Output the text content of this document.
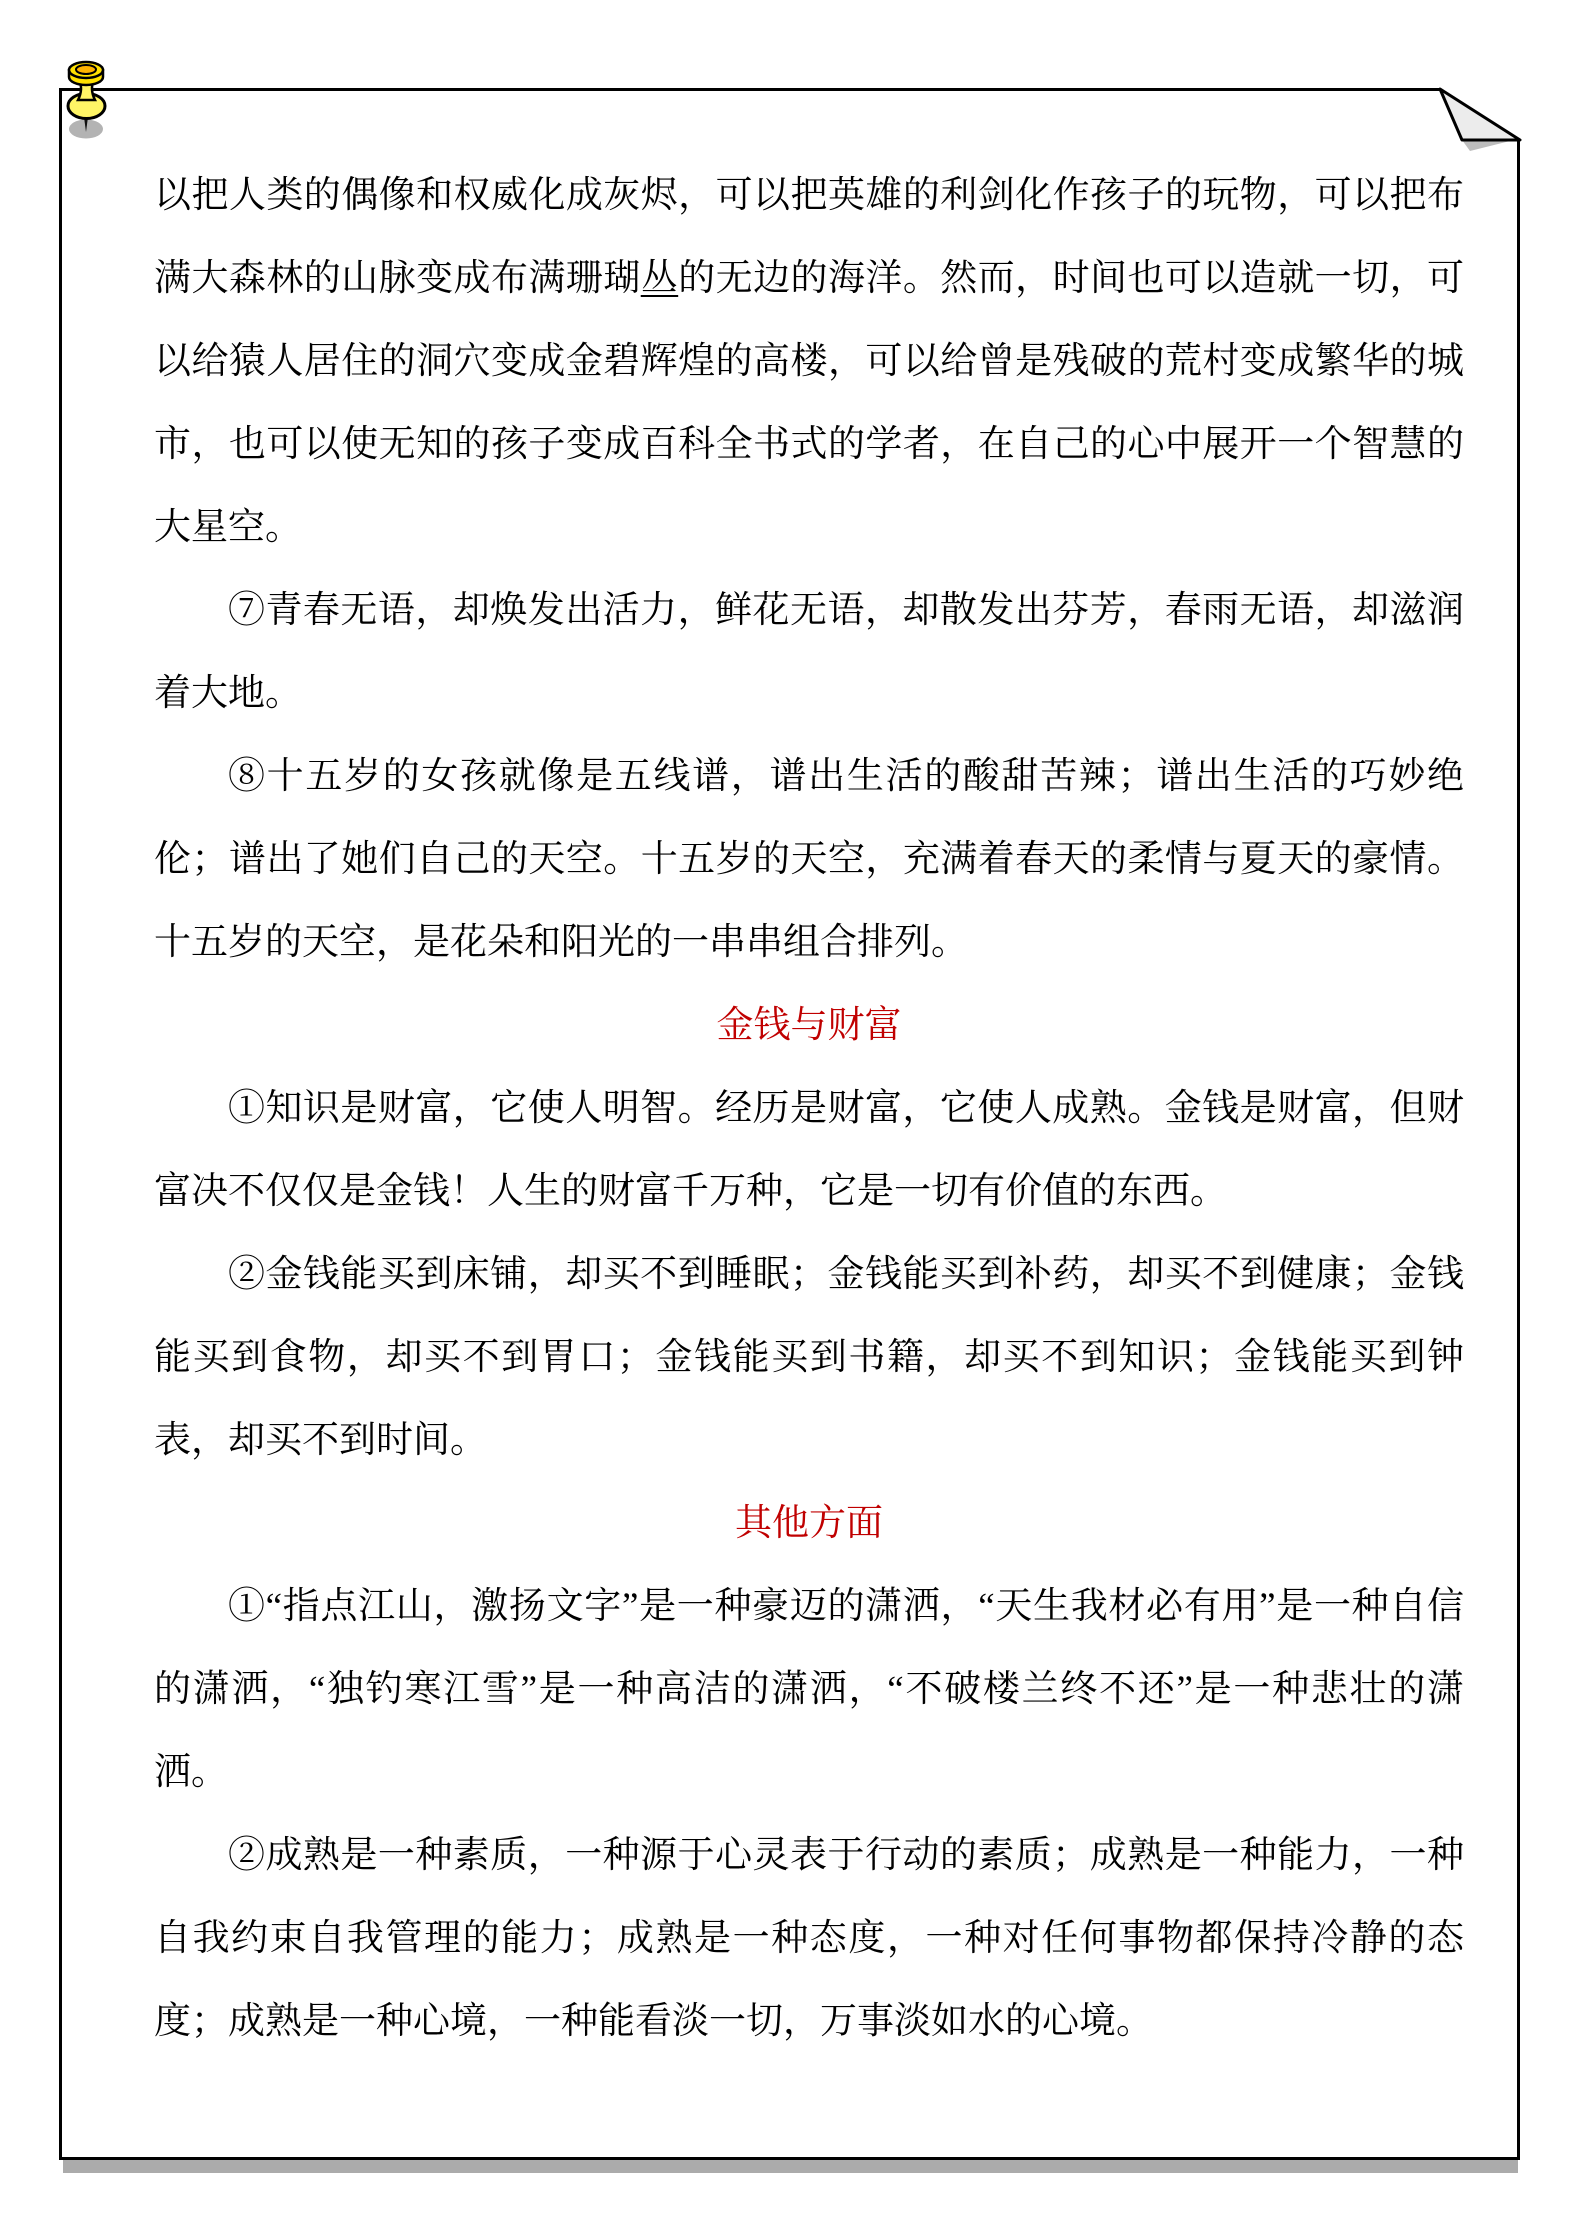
以把人类的偶像和权威化成灰烬，可以把英雄的利剑化作孩子的玩物，可以把布满大森林的山脉变成布满珊瑚丛的无边的海洋。然而，时间也可以造就一切，可以给猿人居住的洞穴变成金碧辉煌的高楼，可以给曾是残破的荒村变成繁华的城市，也可以使无知的孩子变成百科全书式的学者，在自己的心中展开一个智慧的大星空。

⑦青春无语，却焕发出活力，鲜花无语，却散发出芬芳，春雨无语，却滋润着大地。

⑧十五岁的女孩就像是五线谱，谱出生活的酸甜苦辣；谱出生活的巧妙绝伦；谱出了她们自己的天空。十五岁的天空，充满着春天的柔情与夏天的豪情。十五岁的天空，是花朵和阳光的一串串组合排列。

金钱与财富

①知识是财富，它使人明智。经历是财富，它使人成熟。金钱是财富，但财富决不仅仅是金钱！人生的财富千万种，它是一切有价值的东西。

②金钱能买到床铺，却买不到睡眠；金钱能买到补药，却买不到健康；金钱能买到食物，却买不到胃口；金钱能买到书籍，却买不到知识；金钱能买到钟表，却买不到时间。

其他方面

①“指点江山，激扬文字”是一种豪迈的潇洒，“天生我材必有用”是一种自信的潇洒，“独钓寒江雪”是一种高洁的潇洒，“不破楼兰终不还”是一种悲壮的潇洒。

②成熟是一种素质，一种源于心灵表于行动的素质；成熟是一种能力，一种自我约束自我管理的能力；成熟是一种态度，一种对任何事物都保持冷静的态度；成熟是一种心境，一种能看淡一切，万事淡如水的心境。
